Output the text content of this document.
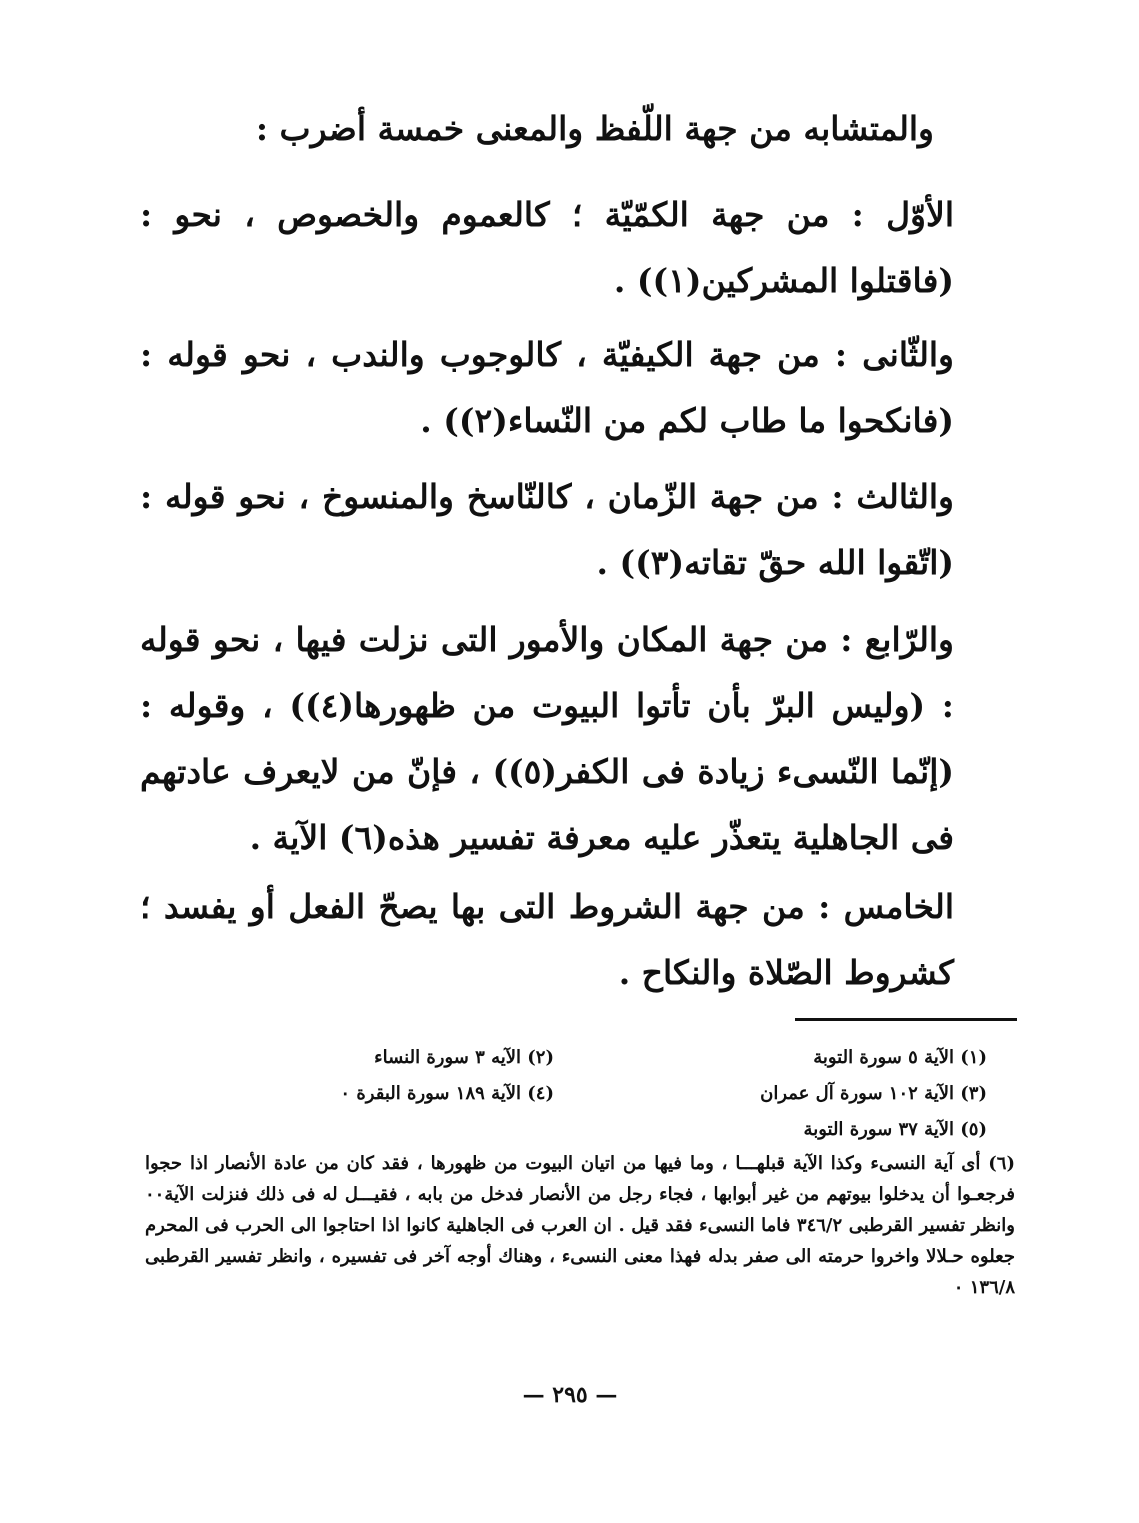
والمتشابه من جهة اللّفظ والمعنى خمسة أضرب :
الأوّل : من جهة الكمّيّة ؛ كالعموم والخصوص ، نحو : (فاقتلوا المشركين(١)) .
والثّانى : من جهة الكيفيّة ، كالوجوب والندب ، نحو قوله : (فانكحوا ما طاب لكم من النّساء(٢)) .
والثالث : من جهة الزّمان ، كالنّاسخ والمنسوخ ، نحو قوله : (اتّقوا الله حقّ تقاته(٣)) .
والرّابع : من جهة المكان والأمور التى نزلت فيها ، نحو قوله : (وليس البرّ بأن تأتوا البيوت من ظهورها(٤)) ، وقوله : (إنّما النّسىء زيادة فى الكفر(٥)) ، فإنّ من لايعرف عادتهم فى الجاهلية يتعذّر عليه معرفة تفسير هذه(٦) الآية .
الخامس : من جهة الشروط التى بها يصحّ الفعل أو يفسد ؛ كشروط الصّلاة والنكاح .
(١) الآية ٥ سورة التوبة
(٢) الآيه ٣ سورة النساء
(٣) الآية ١٠٢ سورة آل عمران
(٤) الآية ١٨٩ سورة البقرة ٠
(٥) الآية ٣٧ سورة التوبة
(٦) أى آية النسىء وكذا الآية قبلهـــا ، وما فيها من اتيان البيوت من ظهورها ، فقد كان من عادة الأنصار اذا حجوا فرجعـوا أن يدخلوا بيوتهم من غير أبوابها ، فجاء رجل من الأنصار فدخل من بابه ، فقيـــل له فى ذلك فنزلت الآية٠٠ وانظر تفسير القرطبى ٣٤٦/٢ فاما النسىء فقد قيل . ان العرب فى الجاهلية كانوا اذا احتاجوا الى الحرب فى المحرم جعلوه حـلالا واخروا حرمته الى صفر بدله فهذا معنى النسىء ، وهناك أوجه آخر فى تفسيره ، وانظر تفسير القرطبى ١٣٦/٨ ٠
— ٢٩٥ —
